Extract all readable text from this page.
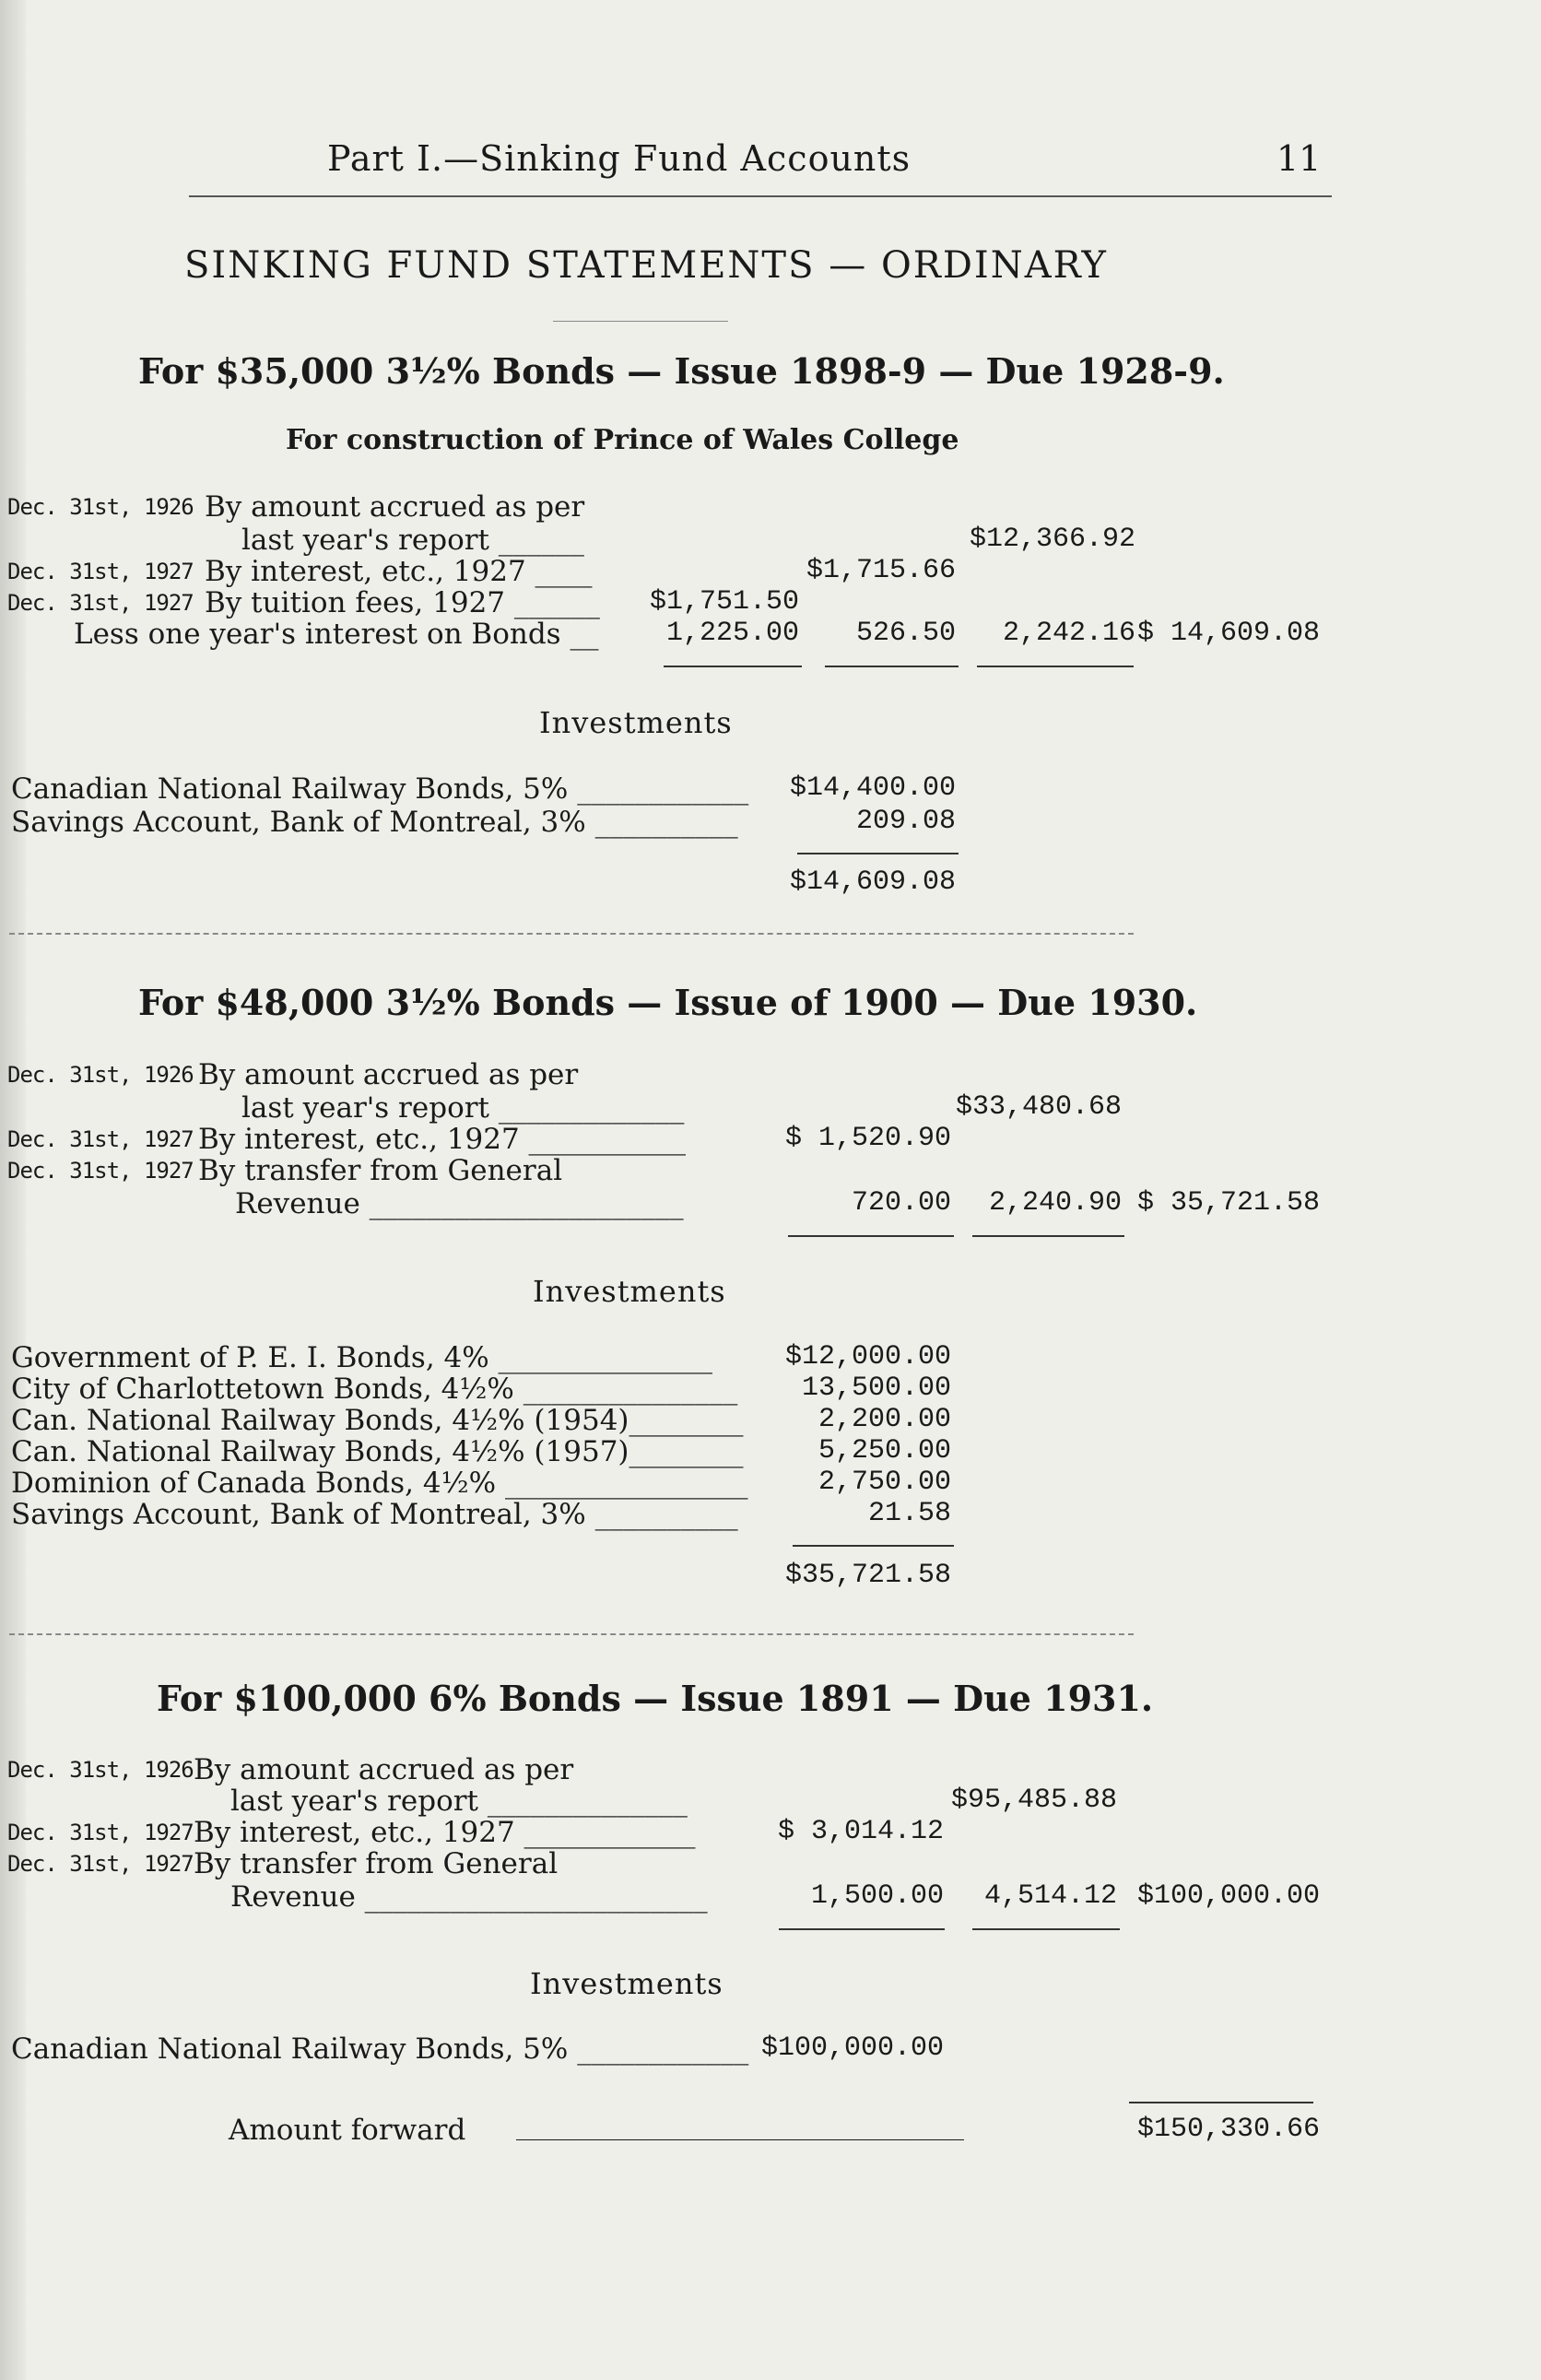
Part I.—Sinking Fund Accounts	11
SINKING FUND STATEMENTS — ORDINARY
For $35,000 3½% Bonds — Issue 1898-9 — Due 1928-9.
For construction of Prince of Wales College
Dec. 31st, 1926 By amount accrued as per
last year's report ______	$12,366.92
Dec. 31st, 1927 By interest, etc., 1927 ____	$1,715.66
Dec. 31st, 1927 By tuition fees, 1927 ______ $1,751.50
Less one year's interest on Bonds __ 1,225.00 526.50 2,242.16 $ 14,609.08
Investments
Canadian National Railway Bonds, 5% ____________ $14,400.00
Savings Account, Bank of Montreal, 3% __________	209.08
$14,609.08
For $48,000 3½% Bonds — Issue of 1900 — Due 1930.
Dec. 31st, 1926 By amount accrued as per
last year's report _____________	$33,480.68
Dec. 31st, 1927 By interest, etc., 1927 ___________	$ 1,520.90
Dec. 31st, 1927 By transfer from General
Revenue ______________________	720.00 2,240.90 $ 35,721.58
Investments
Government of P. E. I. Bonds, 4% _______________	$12,000.00
City of Charlottetown Bonds, 4½% _______________ 13,500.00
Can. National Railway Bonds, 4½% (1954)________	2,200.00
Can. National Railway Bonds, 4½% (1957)________	5,250.00
Dominion of Canada Bonds, 4½% _________________	2,750.00
Savings Account, Bank of Montreal, 3% __________	21.58
$35,721.58
For $100,000 6% Bonds — Issue 1891 — Due 1931.
Dec. 31st, 1926 By amount accrued as per
last year's report ______________	$95,485.88
Dec. 31st, 1927 By interest, etc., 1927 ____________	$ 3,014.12
Dec. 31st, 1927 By transfer from General
Revenue ________________________	1,500.00 4,514.12 $100,000.00
Investments
Canadian National Railway Bonds, 5% ____________ $100,000.00
Amount forward ____________________________________________	$150,330.66
